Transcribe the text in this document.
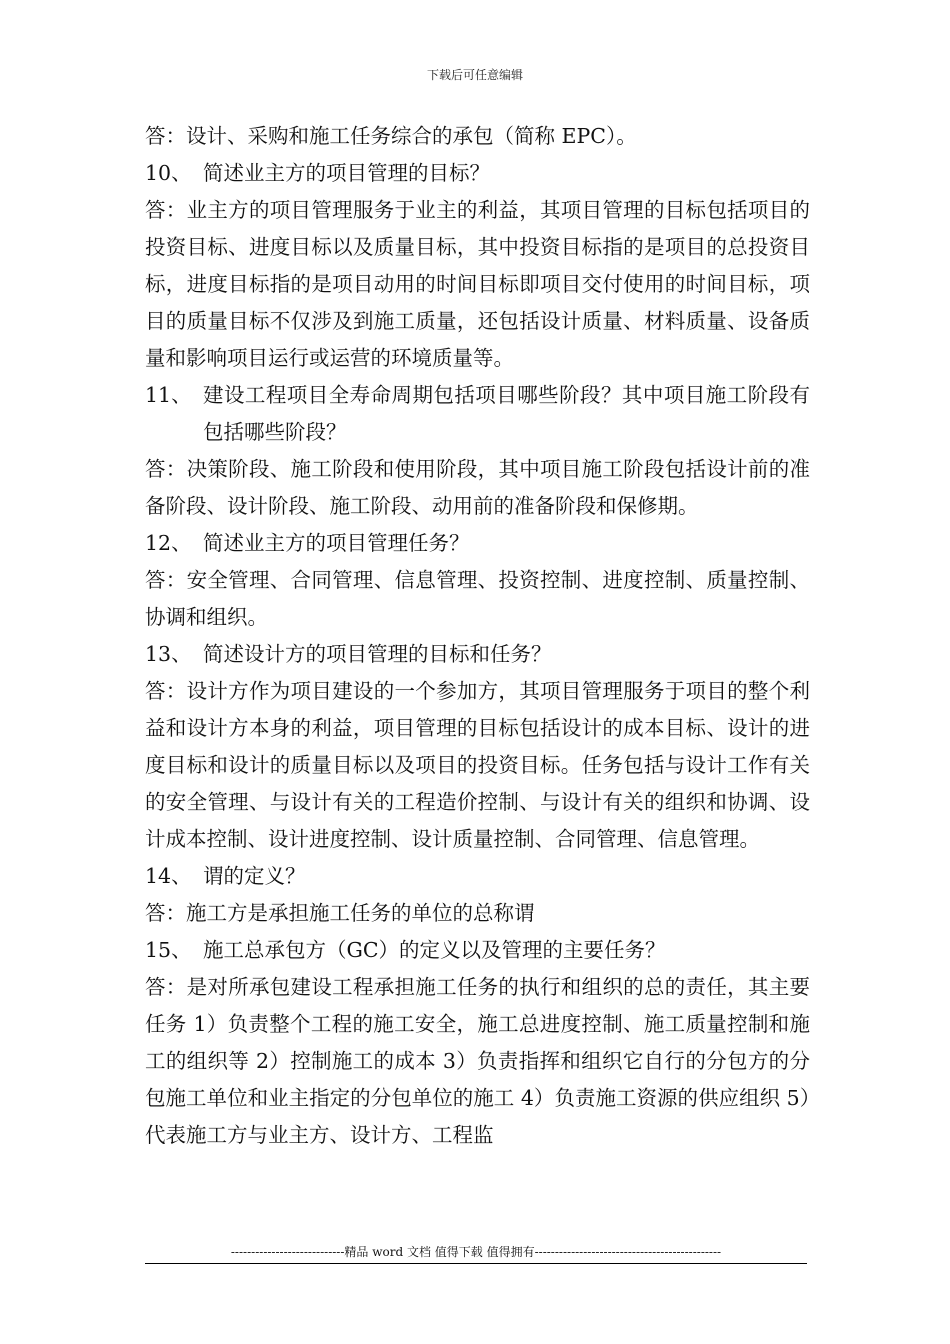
下载后可任意编辑

答：设计、采购和施工任务综合的承包（简称 EPC）。

10、 简述业主方的项目管理的目标？

答：业主方的项目管理服务于业主的利益，其项目管理的目标包括项目的投资目标、进度目标以及质量目标，其中投资目标指的是项目的总投资目标，进度目标指的是项目动用的时间目标即项目交付使用的时间目标，项目的质量目标不仅涉及到施工质量，还包括设计质量、材料质量、设备质量和影响项目运行或运营的环境质量等。

11、 建设工程项目全寿命周期包括项目哪些阶段？其中项目施工阶段有包括哪些阶段？

答：决策阶段、施工阶段和使用阶段，其中项目施工阶段包括设计前的准备阶段、设计阶段、施工阶段、动用前的准备阶段和保修期。

12、 简述业主方的项目管理任务？

答：安全管理、合同管理、信息管理、投资控制、进度控制、质量控制、协调和组织。

13、 简述设计方的项目管理的目标和任务？

答：设计方作为项目建设的一个参加方，其项目管理服务于项目的整个利益和设计方本身的利益，项目管理的目标包括设计的成本目标、设计的进度目标和设计的质量目标以及项目的投资目标。任务包括与设计工作有关的安全管理、与设计有关的工程造价控制、与设计有关的组织和协调、设计成本控制、设计进度控制、设计质量控制、合同管理、信息管理。

14、 谓的定义？

答：施工方是承担施工任务的单位的总称谓

15、 施工总承包方（GC）的定义以及管理的主要任务？

答：是对所承包建设工程承担施工任务的执行和组织的总的责任，其主要任务 1）负责整个工程的施工安全，施工总进度控制、施工质量控制和施工的组织等 2）控制施工的成本 3）负责指挥和组织它自行的分包方的分包施工单位和业主指定的分包单位的施工 4）负责施工资源的供应组织 5）代表施工方与业主方、设计方、工程监

----------------------------精品 word 文档 值得下载 值得拥有----------------------------------------------
